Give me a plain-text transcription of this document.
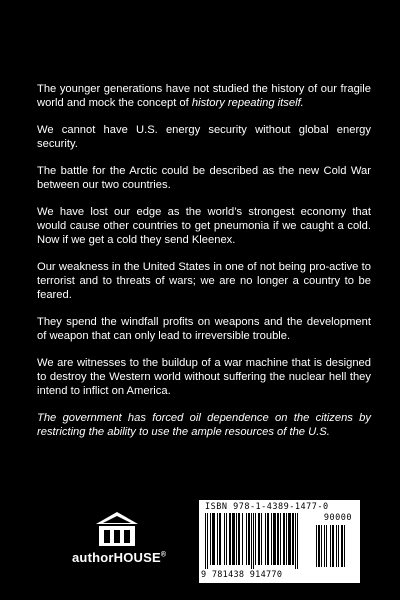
The younger generations have not studied the history of our fragile world and mock the concept of history repeating itself.

We cannot have U.S. energy security without global energy security.

The battle for the Arctic could be described as the new Cold War between our two countries.

We have lost our edge as the world’s strongest economy that would cause other countries to get pneumonia if we caught a cold. Now if we get a cold they send Kleenex.

Our weakness in the United States in one of not being pro-active to terrorist and to threats of wars; we are no longer a country to be feared.

They spend the windfall profits on weapons and the development of weapon that can only lead to irreversible trouble.

We are witnesses to the buildup of a war machine that is designed to destroy the Western world without suffering the nuclear hell they intend to inflict on America.

The government has forced oil dependence on the citizens by restricting the ability to use the ample resources of the U.S.

authorHOUSE®
ISBN 978-1-4389-1477-0
90000
9 781438 914770
